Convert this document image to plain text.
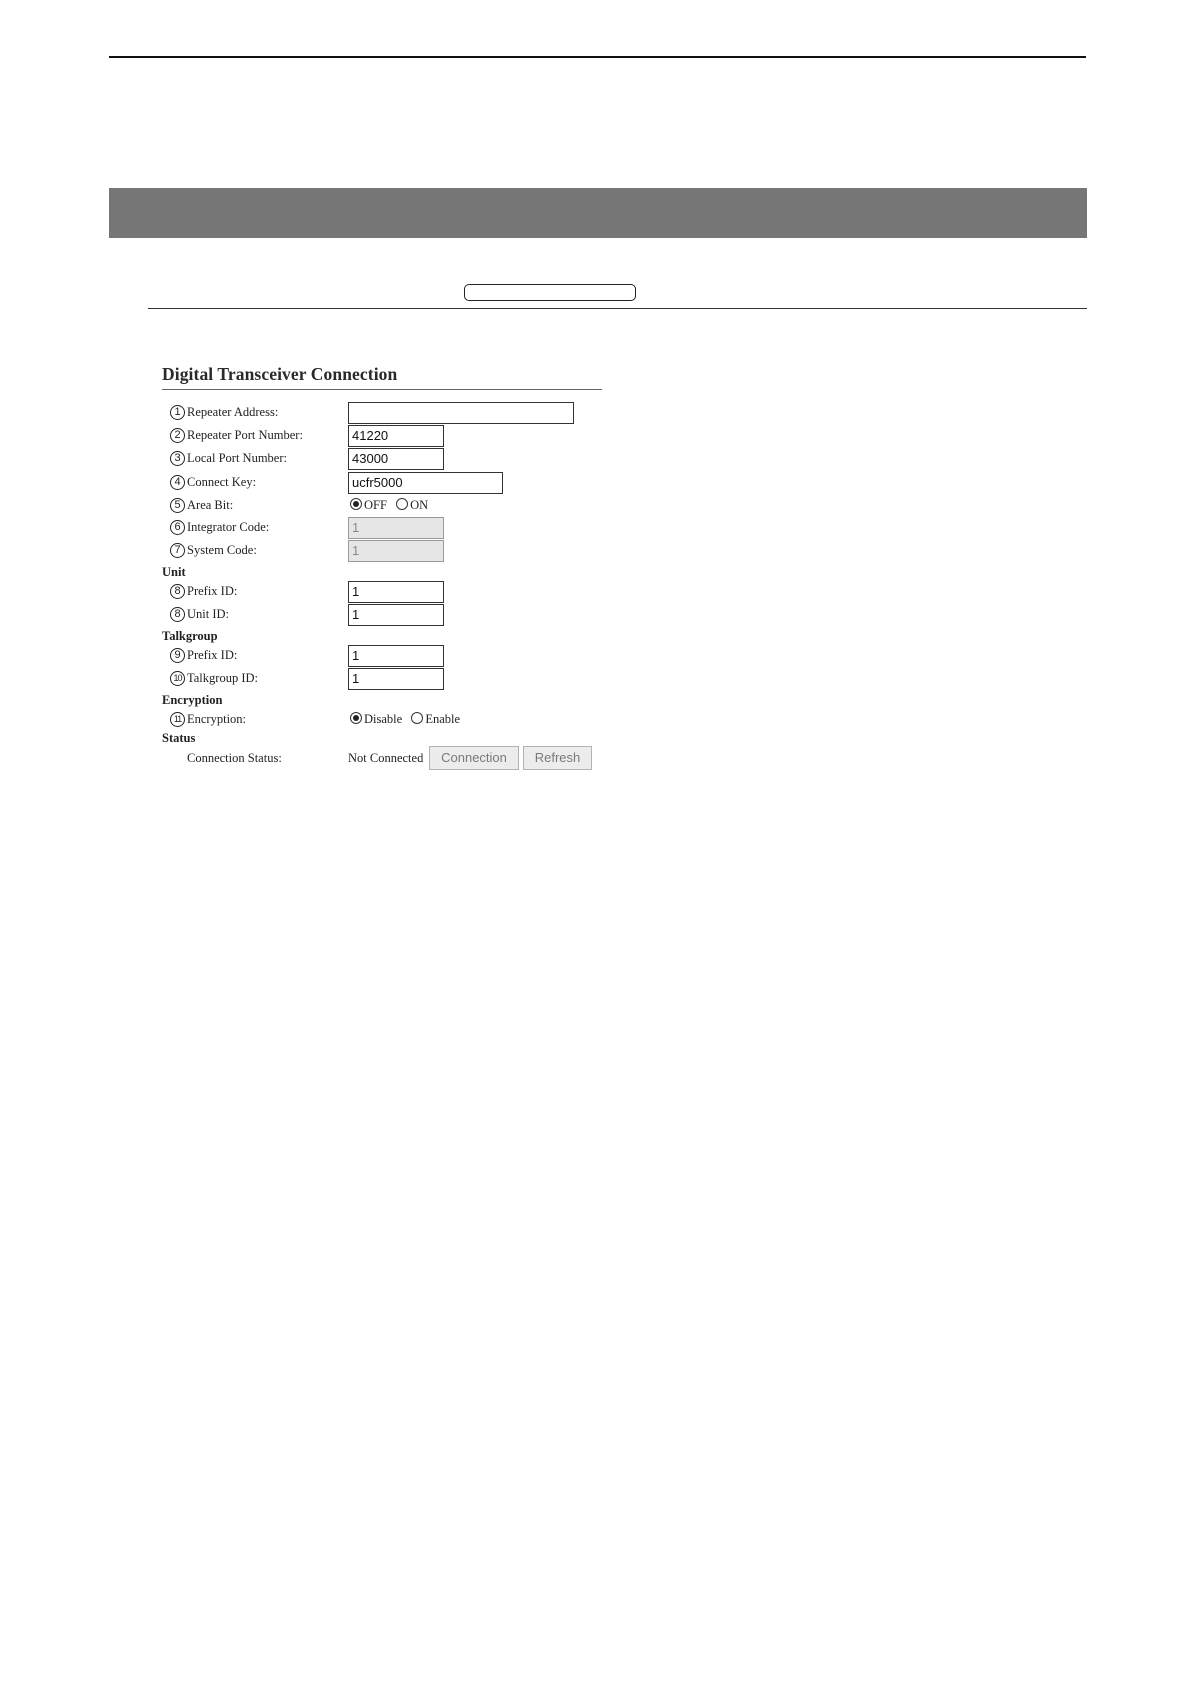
Digital Transceiver Connection
1 Repeater Address:
2 Repeater Port Number:	41220
3 Local Port Number:	43000
4 Connect Key:	ucfr5000
5 Area Bit:	OFF ON
6 Integrator Code:	1
7 System Code:	1
Unit
8 Prefix ID:	1
8 Unit ID:	1
Talkgroup
9 Prefix ID:	1
10 Talkgroup ID:	1
Encryption
11 Encryption:	Disable Enable
Status
Connection Status:	Not Connected	Connection	Refresh
